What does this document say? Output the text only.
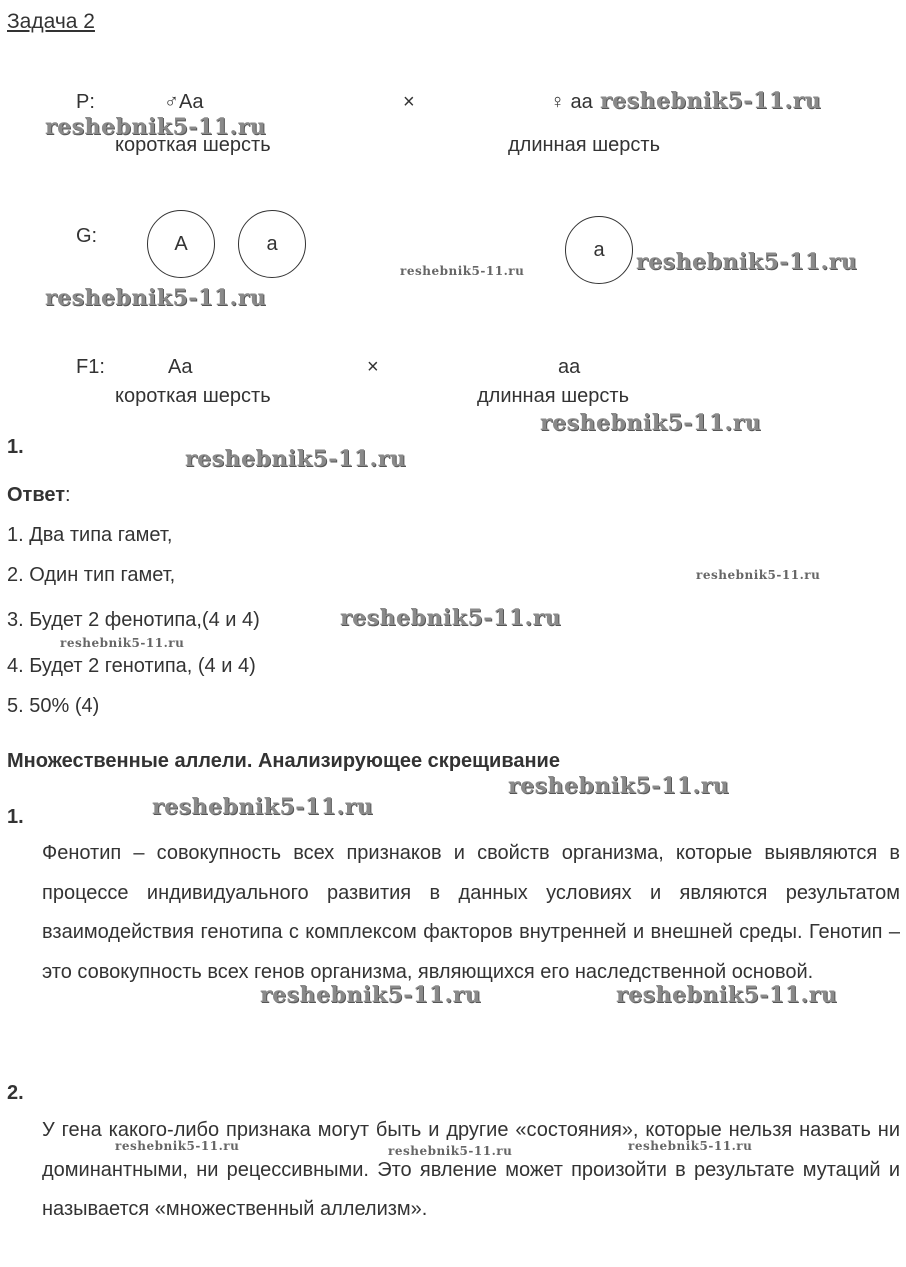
Задача 2
P:	♂Aa	×	♀ aa
короткая шерсть	длинная шерсть
G:	A	a	a
F1:	Aa	×	aa
короткая шерсть	длинная шерсть
1.
Ответ:
1. Два типа гамет,
2. Один тип гамет,
3. Будет 2 фенотипа,(4 и 4)
4. Будет 2 генотипа, (4 и 4)
5. 50% (4)
Множественные аллели. Анализирующее скрещивание
1.
Фенотип – совокупность всех признаков и свойств организма, которые выявляются в процессе индивидуального развития в данных условиях и являются результатом взаимодействия генотипа с комплексом факторов внутренней и внешней среды. Генотип – это совокупность всех генов организма, являющихся его наследственной основой.
2.
У гена какого-либо признака могут быть и другие «состояния», которые нельзя назвать ни доминантными, ни рецессивными. Это явление может произойти в результате мутаций и называется «множественный аллелизм».
reshebnik5-11.ru
reshebnik5-11.ru
reshebnik5-11.ru
reshebnik5-11.ru
reshebnik5-11.ru
reshebnik5-11.ru
reshebnik5-11.ru
reshebnik5-11.ru
reshebnik5-11.ru
reshebnik5-11.ru
reshebnik5-11.ru
reshebnik5-11.ru
reshebnik5-11.ru	reshebnik5-11.ru
reshebnik5-11.ru	reshebnik5-11.ru	reshebnik5-11.ru
